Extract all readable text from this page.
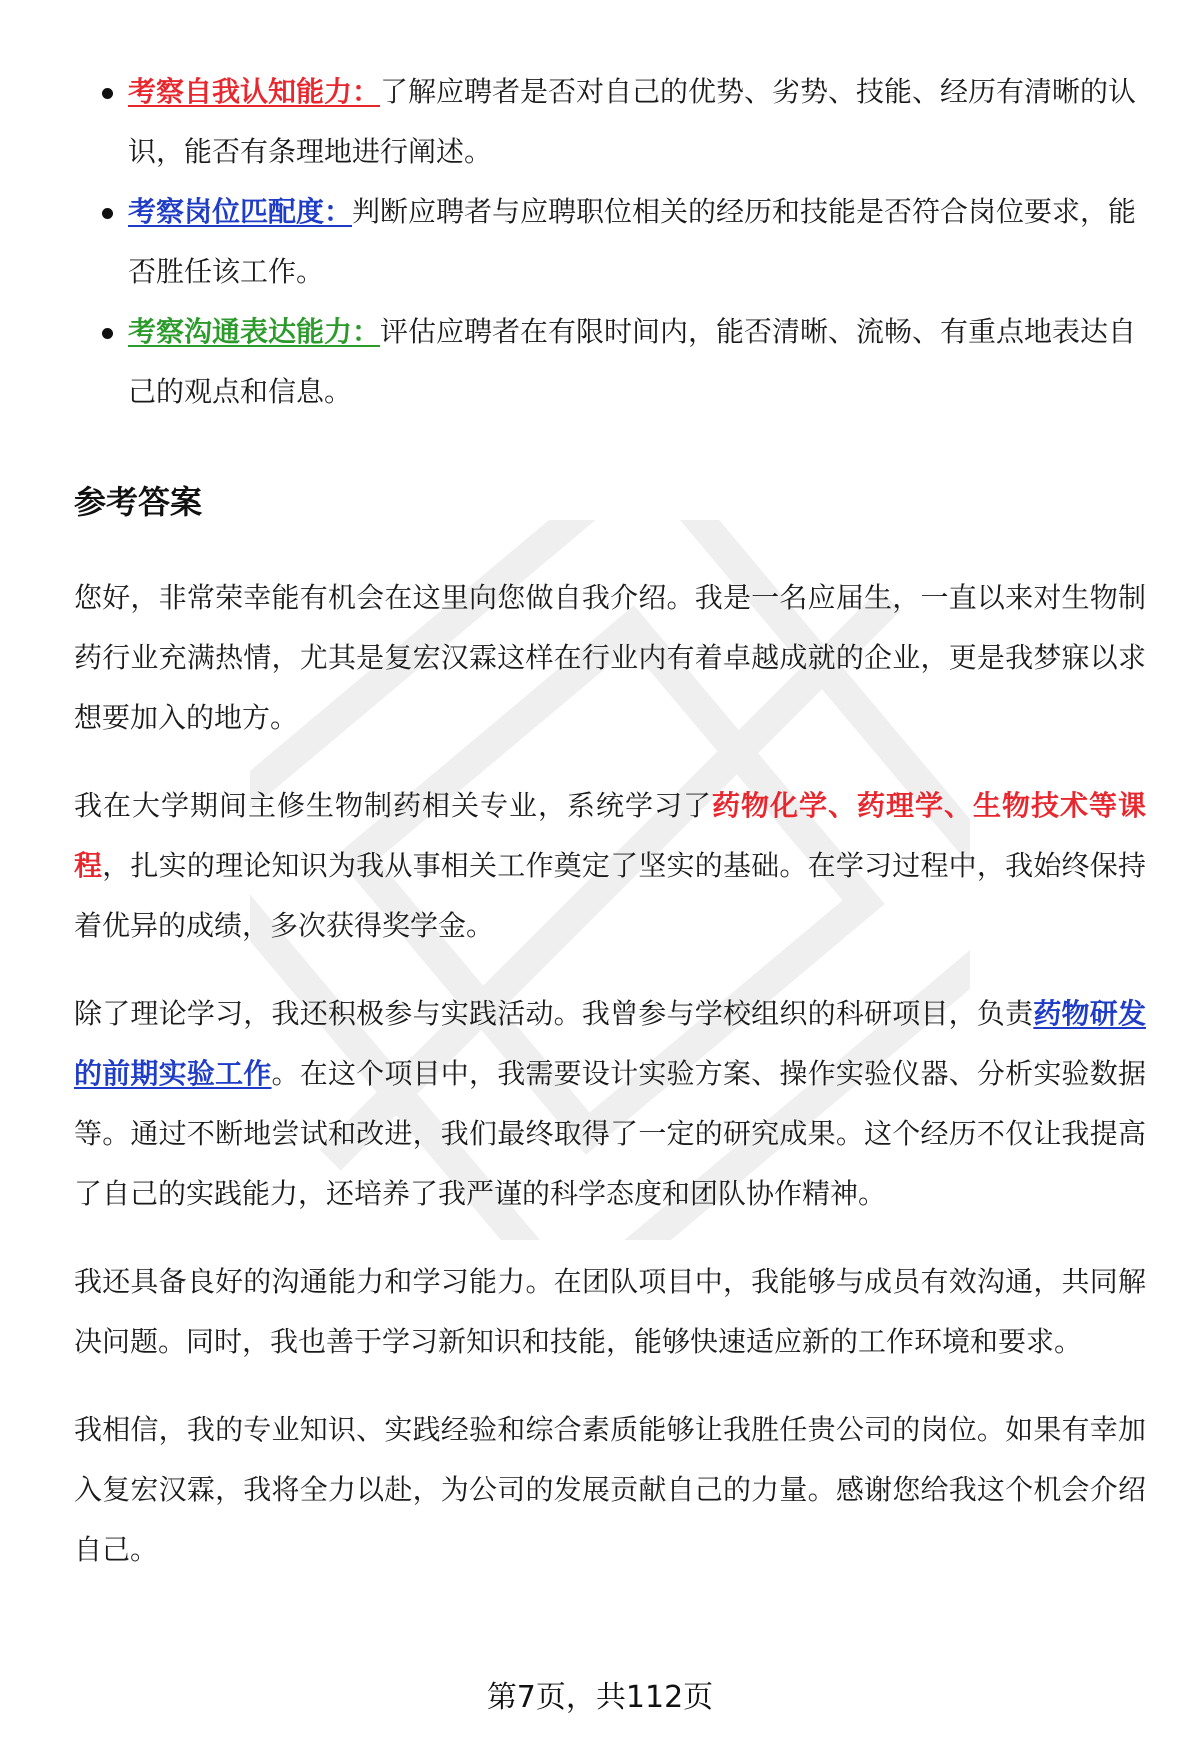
考察自我认知能力：了解应聘者是否对自己的优势、劣势、技能、经历有清晰的认识，能否有条理地进行阐述。
考察岗位匹配度：判断应聘者与应聘职位相关的经历和技能是否符合岗位要求，能否胜任该工作。
考察沟通表达能力：评估应聘者在有限时间内，能否清晰、流畅、有重点地表达自己的观点和信息。
参考答案

您好，非常荣幸能有机会在这里向您做自我介绍。我是一名应届生，一直以来对生物制药行业充满热情，尤其是复宏汉霖这样在行业内有着卓越成就的企业，更是我梦寐以求想要加入的地方。

我在大学期间主修生物制药相关专业，系统学习了药物化学、药理学、生物技术等课程，扎实的理论知识为我从事相关工作奠定了坚实的基础。在学习过程中，我始终保持着优异的成绩，多次获得奖学金。

除了理论学习，我还积极参与实践活动。我曾参与学校组织的科研项目，负责药物研发的前期实验工作。在这个项目中，我需要设计实验方案、操作实验仪器、分析实验数据等。通过不断地尝试和改进，我们最终取得了一定的研究成果。这个经历不仅让我提高了自己的实践能力，还培养了我严谨的科学态度和团队协作精神。

我还具备良好的沟通能力和学习能力。在团队项目中，我能够与成员有效沟通，共同解决问题。同时，我也善于学习新知识和技能，能够快速适应新的工作环境和要求。

我相信，我的专业知识、实践经验和综合素质能够让我胜任贵公司的岗位。如果有幸加入复宏汉霖，我将全力以赴，为公司的发展贡献自己的力量。感谢您给我这个机会介绍自己。

第7页，共112页
